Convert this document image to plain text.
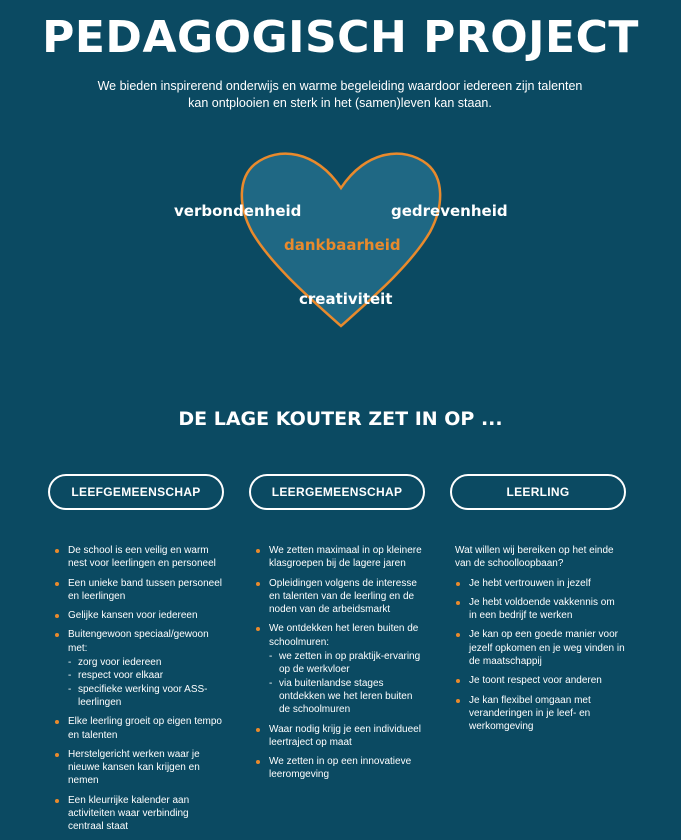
PEDAGOGISCH PROJECT
We bieden inspirerend onderwijs en warme begeleiding waardoor iedereen zijn talenten kan ontplooien en sterk in het (samen)leven kan staan.
verbondenheid	gedrevenheid
dankbaarheid
creativiteit
DE LAGE KOUTER ZET IN OP ...
LEEFGEMEENSCHAP	LEERGEMEENSCHAP	LEERLING
De school is een veilig en warm nest voor leerlingen en personeel
Een unieke band tussen personeel en leerlingen
Gelijke kansen voor iedereen
Buitengewoon speciaal/gewoon met:
- zorg voor iedereen
- respect voor elkaar
- specifieke werking voor ASS-leerlingen
Elke leerling groeit op eigen tempo en talenten
Herstelgericht werken waar je nieuwe kansen kan krijgen en nemen
Een kleurrijke kalender aan activiteiten waar verbinding centraal staat
We zetten maximaal in op kleinere klasgroepen bij de lagere jaren
Opleidingen volgens de interesse en talenten van de leerling en de noden van de arbeidsmarkt
We ontdekken het leren buiten de schoolmuren:
- we zetten in op praktijk-ervaring op de werkvloer
- via buitenlandse stages ontdekken we het leren buiten de schoolmuren
Waar nodig krijg je een individueel leertraject op maat
We zetten in op een innovatieve leeromgeving
Wat willen wij bereiken op het einde van de schoolloopbaan?
Je hebt vertrouwen in jezelf
Je hebt voldoende vakkennis om in een bedrijf te werken
Je kan op een goede manier voor jezelf opkomen en je weg vinden in de maatschappij
Je toont respect voor anderen
Je kan flexibel omgaan met veranderingen in je leef- en werkomgeving
